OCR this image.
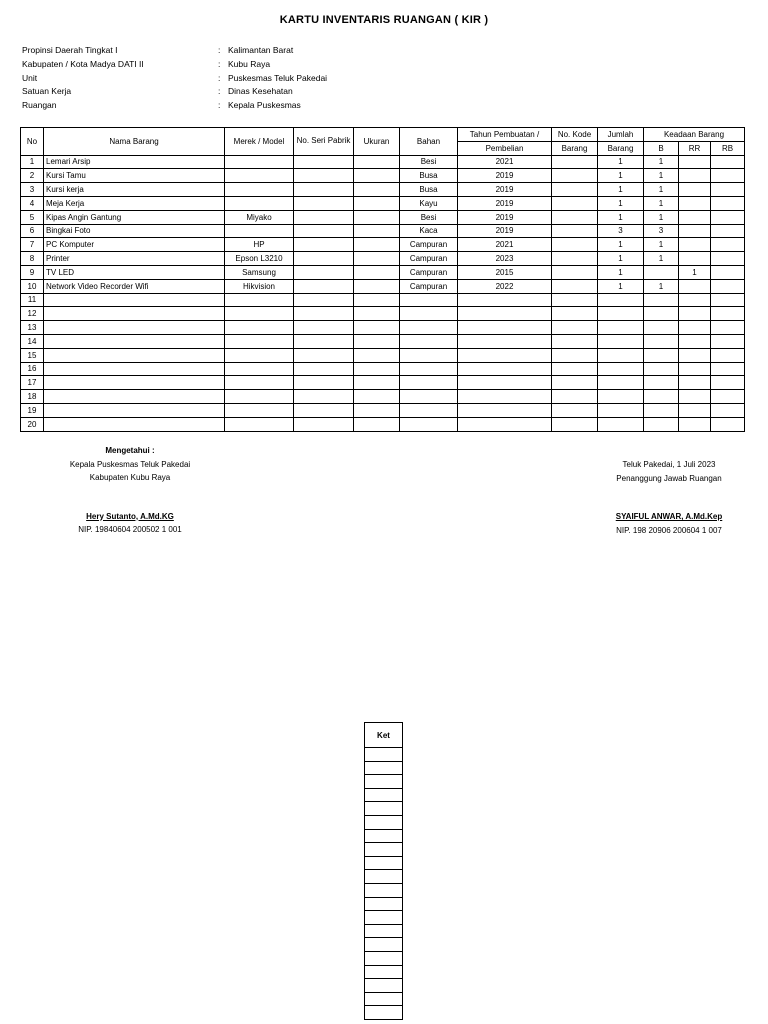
KARTU INVENTARIS RUANGAN ( KIR )
Propinsi Daerah Tingkat I	: Kalimantan Barat
Kabupaten / Kota Madya DATI II	: Kubu Raya
Unit	: Puskesmas Teluk Pakedai
Satuan Kerja	: Dinas Kesehatan
Ruangan	: Kepala Puskesmas
No	Nama Barang	Merek / Model	No. Seri Pabrik	Ukuran	Bahan	Tahun Pembuatan /	No. Kode	Jumlah	Keadaan Barang		
						Pembelian	Barang	Barang	B	RR	RB
1	Lemari Arsip				Besi	2021		1	1		
2	Kursi Tamu				Busa	2019		1	1		
3	Kursi kerja				Busa	2019		1	1		
4	Meja Kerja				Kayu	2019		1	1		
5	Kipas Angin Gantung	Miyako			Besi	2019		1	1		
6	Bingkai Foto				Kaca	2019		3	3		
7	PC Komputer	HP			Campuran	2021		1	1		
8	Printer	Epson L3210			Campuran	2023		1	1		
9	TV LED	Samsung			Campuran	2015		1		1	
10	Network Video Recorder Wifi	Hikvision			Campuran	2022		1	1		
11											
12											
13											
14											
15											
16											
17											
18											
19											
20											
Mengetahui :
Kepala Puskesmas Teluk Pakedai
Kabupaten Kubu Raya
Hery Sutanto, A.Md.KG
NIP. 19840604 200502 1 001
Teluk Pakedai, 1 Juli 2023
Penanggung Jawab Ruangan
SYAIFUL ANWAR, A.Md.Kep
NIP. 198 20906 200604 1 007
Ket
